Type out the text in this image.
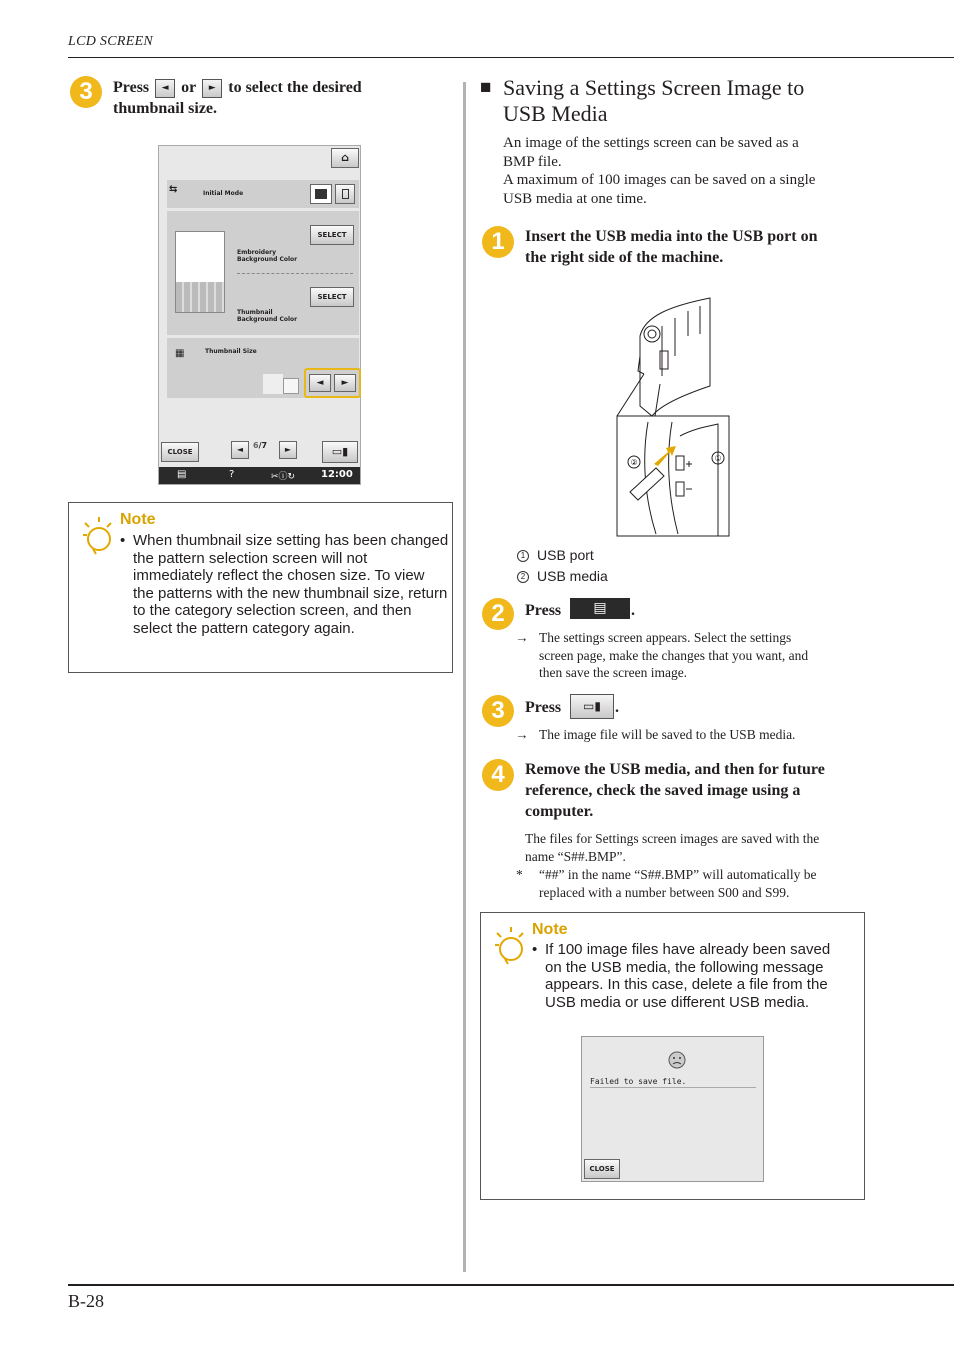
LCD SCREEN
B-28
3	Press ◄ or ► to select the desired
thumbnail size.
⌂
⇆	Initial Mode
Embroidery
Background Color
SELECT
Thumbnail
Background Color
SELECT
▦	Thumbnail Size
◄	►
CLOSE	◄	6/7	►	▭▮
▤	?	✂ⓘ↻	12:00
Note
• When thumbnail size setting has been changed the pattern selection screen will not immediately reflect the chosen size. To view the patterns with the new thumbnail size, return to the category selection screen, and then select the pattern category again.
■ Saving a Settings Screen Image to
USB Media
An image of the settings screen can be saved as a
BMP file.
A maximum of 100 images can be saved on a single
USB media at one time.
1	Insert the USB media into the USB port on
the right side of the machine.
②	①
1 USB port
2 USB media
2	Press	▤	.
→ The settings screen appears. Select the settings
screen page, make the changes that you want, and
then save the screen image.
3	Press	▭▮ .
→ The image file will be saved to the USB media.
4	Remove the USB media, and then for future
reference, check the saved image using a
computer.
The files for Settings screen images are saved with the
name “S##.BMP”.
* “##” in the name “S##.BMP” will automatically be
replaced with a number between S00 and S99.
Note
• If 100 image files have already been saved
on the USB media, the following message
appears. In this case, delete a file from the
USB media or use different USB media.
Failed to save file.
CLOSE
